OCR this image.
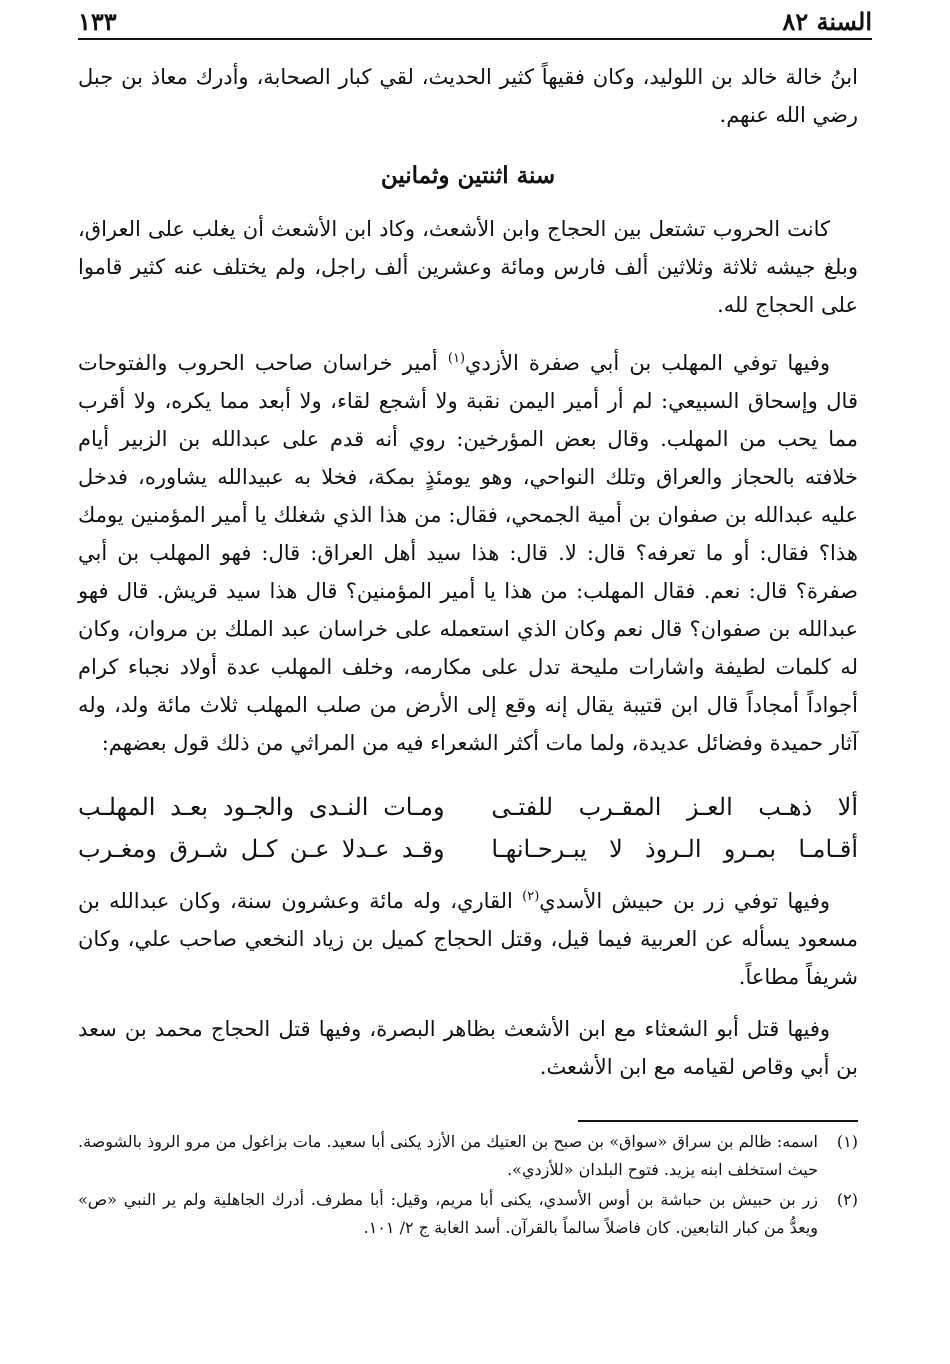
السنة ٨٢
١٣٣

ابنُ خالة خالد بن اللوليد، وكان فقيهاً كثير الحديث، لقي كبار الصحابة، وأدرك معاذ بن جبل رضي الله عنهم.

سنة اثنتين وثمانين

كانت الحروب تشتعل بين الحجاج وابن الأشعث، وكاد ابن الأشعث أن يغلب على العراق، وبلغ جيشه ثلاثة وثلاثين ألف فارس ومائة وعشرين ألف راجل، ولم يختلف عنه كثير قاموا على الحجاج لله.

وفيها توفي المهلب بن أبي صفرة الأزدي$^{(١)}$ أمير خراسان صاحب الحروب والفتوحات قال وإسحاق السبيعي: لم أر أمير اليمن نقبة ولا أشجع لقاء، ولا أبعد مما يكره، ولا أقرب مما يحب من المهلب. وقال بعض المؤرخين: روي أنه قدم على عبدالله بن الزبير أيام خلافته بالحجاز والعراق وتلك النواحي، وهو يومئذٍ بمكة، فخلا به عبيدالله يشاوره، فدخل عليه عبدالله بن صفوان بن أمية الجمحي، فقال: من هذا الذي شغلك يا أمير المؤمنين يومك هذا؟ فقال: أو ما تعرفه؟ قال: لا. قال: هذا سيد أهل العراق: قال: فهو المهلب بن أبي صفرة؟ قال: نعم. فقال المهلب: من هذا يا أمير المؤمنين؟ قال هذا سيد قريش. قال فهو عبدالله بن صفوان؟ قال نعم وكان الذي استعمله على خراسان عبد الملك بن مروان، وكان له كلمات لطيفة واشارات مليحة تدل على مكارمه، وخلف المهلب عدة أولاد نجباء كرام أجواداً أمجاداً قال ابن قتيبة يقال إنه وقع إلى الأرض من صلب المهلب ثلاث مائة ولد، وله آثار حميدة وفضائل عديدة، ولما مات أكثر الشعراء فيه من المراثي من ذلك قول بعضهم:

ألا ذهـب العـز المقـرب للفتـى
ومـات النـدى والجـود بعـد المهلـب
أقـامـا بمـرو الـروذ لا يبـرحـانهـا
وقـد عـدلا عـن كـل شـرق ومغـرب

وفيها توفي زر بن حبيش الأسدي$^{(٢)}$ القاري، وله مائة وعشرون سنة، وكان عبدالله بن مسعود يسأله عن العربية فيما قيل، وقتل الحجاج كميل بن زياد النخعي صاحب علي، وكان شريفاً مطاعاً.

وفيها قتل أبو الشعثاء مع ابن الأشعث بظاهر البصرة، وفيها قتل الحجاج محمد بن سعد بن أبي وقاص لقيامه مع ابن الأشعث.

(١)
اسمه: ظالم بن سراق «سواق» بن صبح بن العتيك من الأزد يكنى أبا سعيد. مات بزاغول من مرو الروذ بالشوصة. حيث استخلف ابنه يزيد. فتوح البلدان «للأزدي».
(٢)
زر بن حبيش بن حباشة بن أوس الأسدي، يكنى أبا مريم، وقيل: أبا مطرف. أدرك الجاهلية ولم ير النبي «ص» ويعدُّ من كبار التابعين. كان فاضلاً سالماً بالقرآن. أسد الغابة ج ٢/ ١٠١.
